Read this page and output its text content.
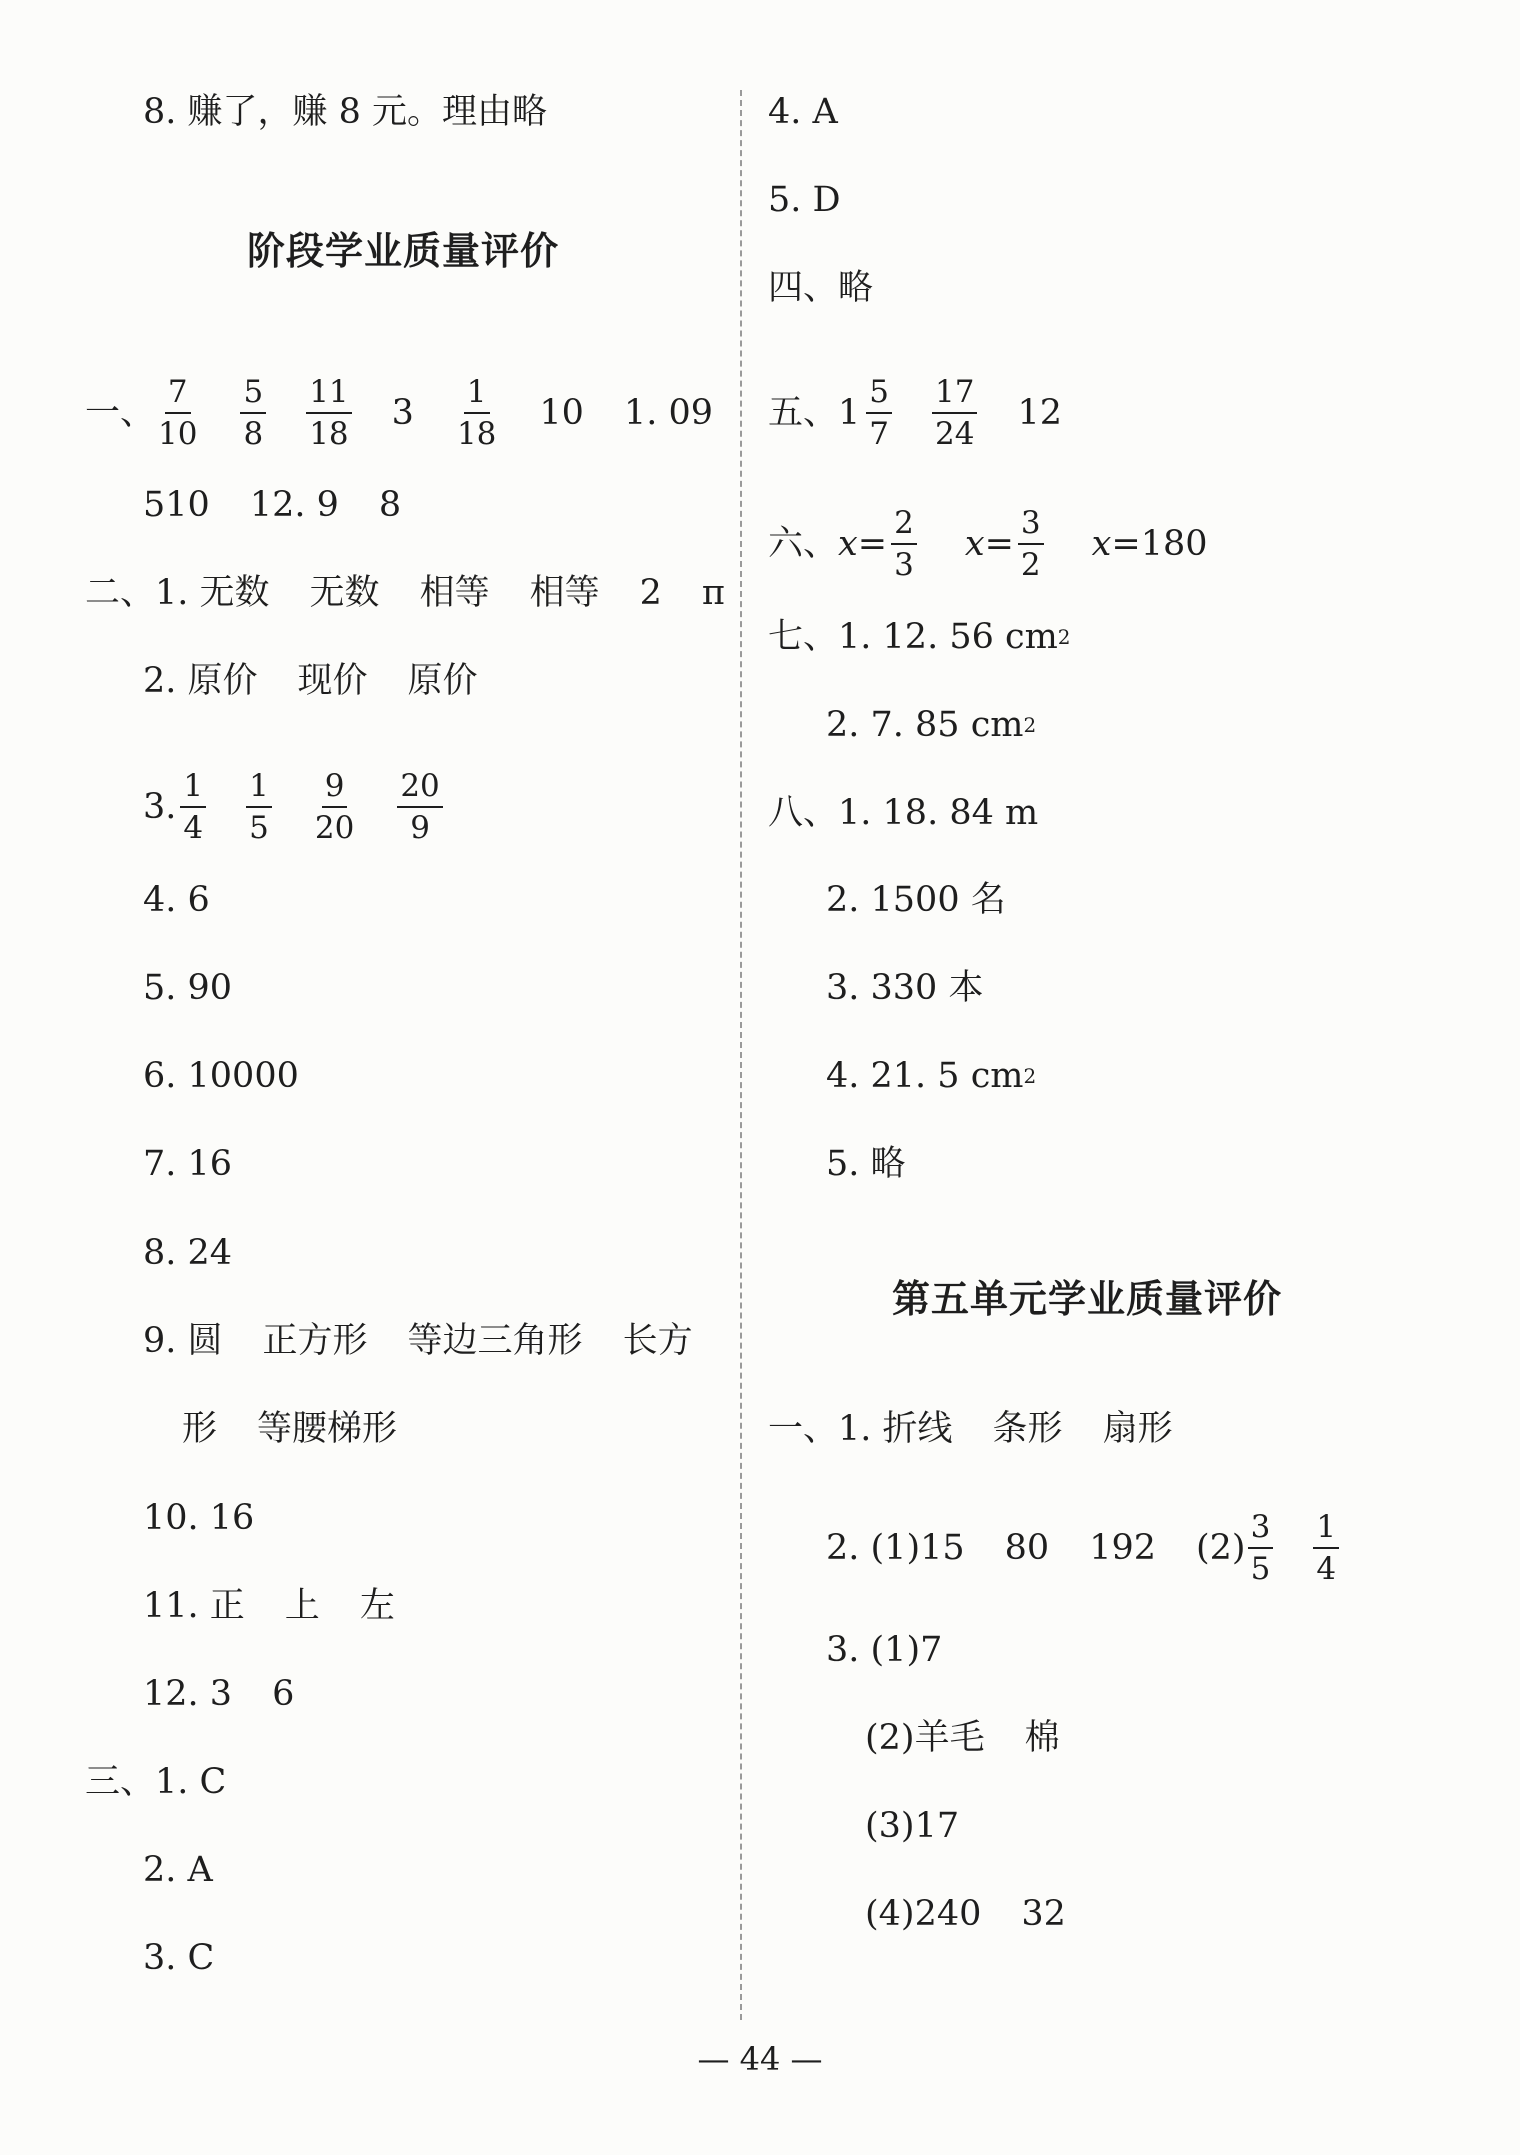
8. 赚了，赚 8 元。理由略
阶段学业质量评价
一、 $\frac{7}{10} \frac{5}{8} \frac{11}{18} 3 \frac{1}{18} 10$ 1. 09
510 12. 9 8
二、 1. 无数 无数 相等 相等 2 π
2. 原价 现价 原价
3. $\frac{1}{4} \frac{1}{5} \frac{9}{20} \frac{20}{9}$
4. 6
5. 90
6. 10000
7. 16
8. 24
9. 圆 正方形 等边三角形 长方
形 等腰梯形
10. 16
11. 正 上 左
12. 3 6
三、 1. C
2. A
3. C
4. A
5. D
四、略
五、 $1 \frac{5}{7} \frac{17}{24} 12$
六、 $x = \frac{2}{3}$ $x = \frac{3}{2}$ x = 180
七、 1. 12. 56 cm 2
2. 7. 85 cm 2
八、 1. 18. 84 m
2. 1500 名
3. 330 本
4. 21. 5 cm 2
5. 略
第五单元学业质量评价
一、 1. 折线 条形 扇形
2. (1)15 80 192 $(2) \frac{3}{5} \frac{1}{4}$
3. (1)7
(2)羊毛 棉
(3)17
(4)240 32
— 44 —
